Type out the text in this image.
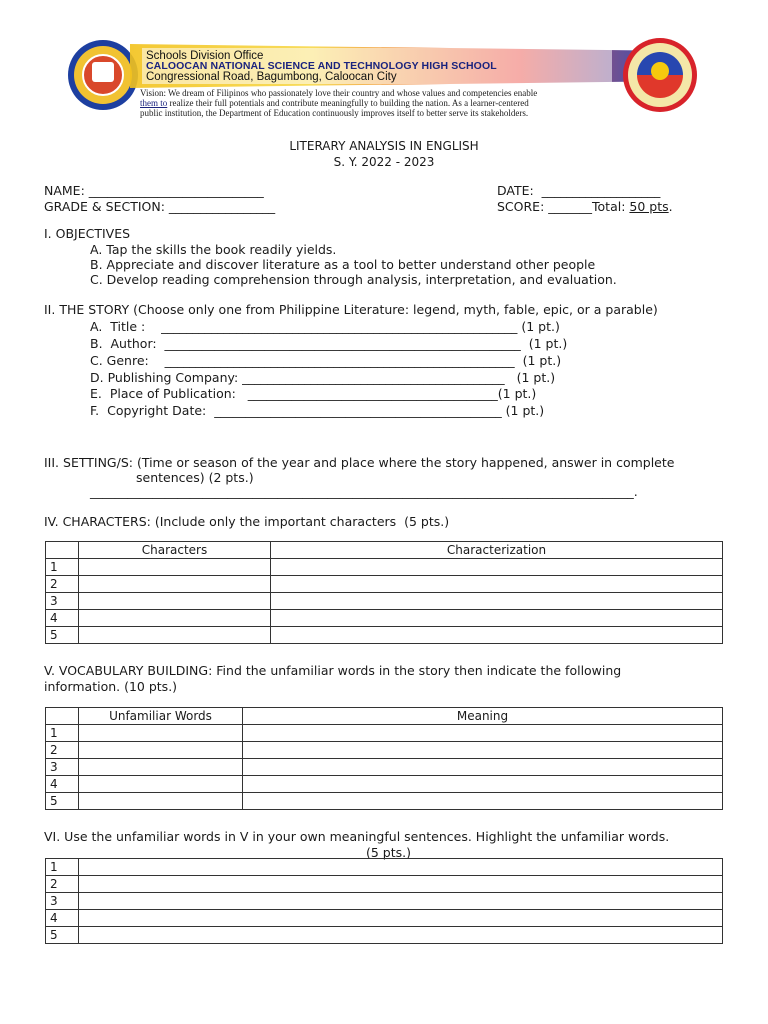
Schools Division Office
CALOOCAN NATIONAL SCIENCE AND TECHNOLOGY HIGH SCHOOL
Congressional Road, Bagumbong, Caloocan City
Vision: We dream of Filipinos who passionately love their country and whose values and competencies enable
them to realize their full potentials and contribute meaningfully to building the nation. As a learner-centered
public institution, the Department of Education continuously improves itself to better serve its stakeholders.
LITERARY ANALYSIS IN ENGLISH
S. Y. 2022 - 2023
NAME: ____________________________	DATE:  ___________________
GRADE & SECTION: _________________	SCORE: _______Total: 50 pts.
I. OBJECTIVES
A. Tap the skills the book readily yields.
B. Appreciate and discover literature as a tool to better understand other people
C. Develop reading comprehension through analysis, interpretation, and evaluation.
II. THE STORY (Choose only one from Philippine Literature: legend, myth, fable, epic, or a parable)
A.  Title :    _________________________________________________________ (1 pt.)
B.  Author:  _________________________________________________________  (1 pt.)
C. Genre:    ________________________________________________________  (1 pt.)
D. Publishing Company: __________________________________________   (1 pt.)
E.  Place of Publication:   ________________________________________(1 pt.)
F.  Copyright Date:  ______________________________________________ (1 pt.)
III. SETTING/S: (Time or season of the year and place where the story happened, answer in complete
sentences) (2 pts.)
_______________________________________________________________________________________.
IV. CHARACTERS: (Include only the important characters  (5 pts.)
	Characters	Characterization
1		
2		
3		
4		
5		
V. VOCABULARY BUILDING: Find the unfamiliar words in the story then indicate the following
information. (10 pts.)
	Unfamiliar Words	Meaning
1		
2		
3		
4		
5		
VI. Use the unfamiliar words in V in your own meaningful sentences. Highlight the unfamiliar words.
(5 pts.)
1	
2	
3	
4	
5	
